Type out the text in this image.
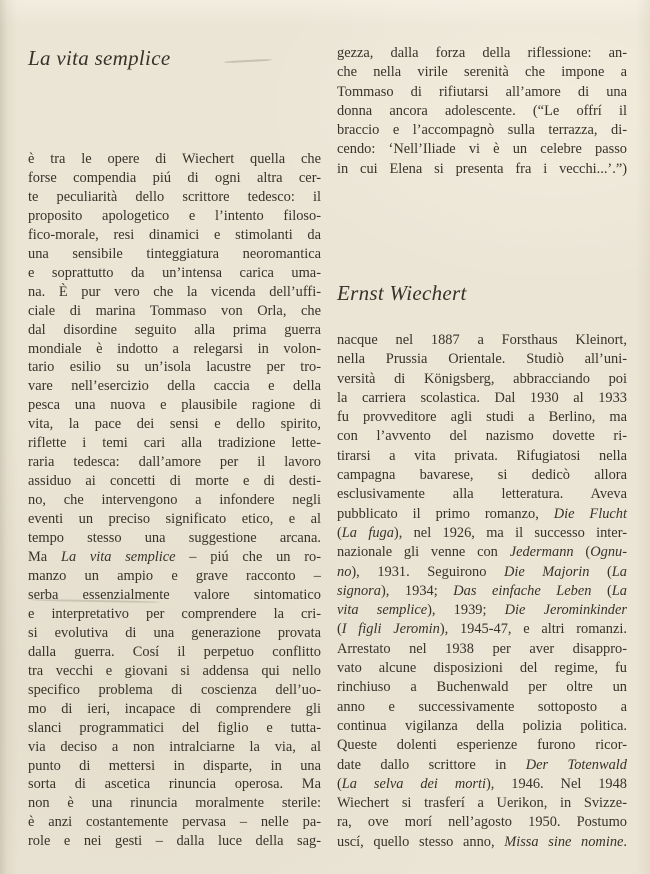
La vita semplice
è tra le opere di Wiechert quella che
forse compendia piú di ogni altra cer-
te peculiarità dello scrittore tedesco: il
proposito apologetico e l’intento filoso-
fico-morale, resi dinamici e stimolanti da
una sensibile tinteggiatura neoromantica
e soprattutto da un’intensa carica uma-
na. È pur vero che la vicenda dell’uffi-
ciale di marina Tommaso von Orla, che
dal disordine seguito alla prima guerra
mondiale è indotto a relegarsi in volon-
tario esilio su un’isola lacustre per tro-
vare nell’esercizio della caccia e della
pesca una nuova e plausibile ragione di
vita, la pace dei sensi e dello spirito,
riflette i temi cari alla tradizione lette-
raria tedesca: dall’amore per il lavoro
assiduo ai concetti di morte e di desti-
no, che intervengono a infondere negli
eventi un preciso significato etico, e al
tempo stesso una suggestione arcana.
Ma La vita semplice – piú che un ro-
manzo un ampio e grave racconto –
serba essenzialmente valore sintomatico
e interpretativo per comprendere la cri-
si evolutiva di una generazione provata
dalla guerra. Cosí il perpetuo conflitto
tra vecchi e giovani si addensa qui nello
specifico problema di coscienza dell’uo-
mo di ieri, incapace di comprendere gli
slanci programmatici del figlio e tutta-
via deciso a non intralciarne la via, al
punto di mettersi in disparte, in una
sorta di ascetica rinuncia operosa. Ma
non è una rinuncia moralmente sterile:
è anzi costantemente pervasa – nelle pa-
role e nei gesti – dalla luce della sag-
gezza, dalla forza della riflessione: an-
che nella virile serenità che impone a
Tommaso di rifiutarsi all’amore di una
donna ancora adolescente. (“Le offrí il
braccio e l’accompagnò sulla terrazza, di-
cendo: ‘Nell’Iliade vi è un celebre passo
in cui Elena si presenta fra i vecchi...’.”)
Ernst Wiechert
nacque nel 1887 a Forsthaus Kleinort,
nella Prussia Orientale. Studiò all’uni-
versità di Königsberg, abbracciando poi
la carriera scolastica. Dal 1930 al 1933
fu provveditore agli studi a Berlino, ma
con l’avvento del nazismo dovette ri-
tirarsi a vita privata. Rifugiatosi nella
campagna bavarese, si dedicò allora
esclusivamente alla letteratura. Aveva
pubblicato il primo romanzo, Die Flucht
(La fuga), nel 1926, ma il successo inter-
nazionale gli venne con Jedermann (Ognu-
no), 1931. Seguirono Die Majorin (La
signora), 1934; Das einfache Leben (La
vita semplice), 1939; Die Jerominkinder
(I figli Jeromin), 1945-47, e altri romanzi.
Arrestato nel 1938 per aver disappro-
vato alcune disposizioni del regime, fu
rinchiuso a Buchenwald per oltre un
anno e successivamente sottoposto a
continua vigilanza della polizia politica.
Queste dolenti esperienze furono ricor-
date dallo scrittore in Der Totenwald
(La selva dei morti), 1946. Nel 1948
Wiechert si trasferí a Uerikon, in Svizze-
ra, ove morí nell’agosto 1950. Postumo
uscí, quello stesso anno, Missa sine nomine.
